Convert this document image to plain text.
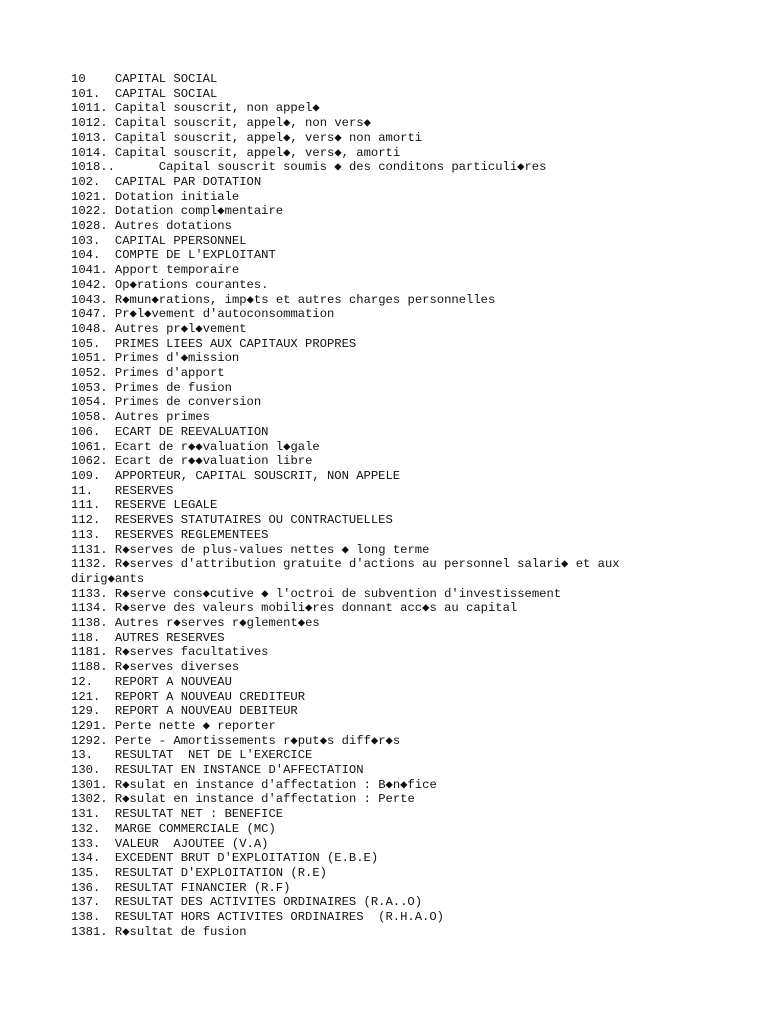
10    CAPITAL SOCIAL
101.  CAPITAL SOCIAL
1011. Capital souscrit, non appel◆
1012. Capital souscrit, appel◆, non vers◆
1013. Capital souscrit, appel◆, vers◆ non amorti
1014. Capital souscrit, appel◆, vers◆, amorti
1018..      Capital souscrit soumis ◆ des conditons particuli◆res
102.  CAPITAL PAR DOTATION
1021. Dotation initiale
1022. Dotation compl◆mentaire
1028. Autres dotations
103.  CAPITAL PPERSONNEL
104.  COMPTE DE L'EXPLOITANT
1041. Apport temporaire
1042. Op◆rations courantes.
1043. R◆mun◆rations, imp◆ts et autres charges personnelles
1047. Pr◆l◆vement d'autoconsommation
1048. Autres pr◆l◆vement
105.  PRIMES LIEES AUX CAPITAUX PROPRES
1051. Primes d'◆mission
1052. Primes d'apport
1053. Primes de fusion
1054. Primes de conversion
1058. Autres primes
106.  ECART DE REEVALUATION
1061. Ecart de r◆◆valuation l◆gale
1062. Ecart de r◆◆valuation libre
109.  APPORTEUR, CAPITAL SOUSCRIT, NON APPELE
11.   RESERVES
111.  RESERVE LEGALE
112.  RESERVES STATUTAIRES OU CONTRACTUELLES
113.  RESERVES REGLEMENTEES
1131. R◆serves de plus-values nettes ◆ long terme
1132. R◆serves d'attribution gratuite d'actions au personnel salari◆ et aux
dirig◆ants
1133. R◆serve cons◆cutive ◆ l'octroi de subvention d'investissement
1134. R◆serve des valeurs mobili◆res donnant acc◆s au capital
1138. Autres r◆serves r◆glement◆es
118.  AUTRES RESERVES
1181. R◆serves facultatives
1188. R◆serves diverses
12.   REPORT A NOUVEAU
121.  REPORT A NOUVEAU CREDITEUR
129.  REPORT A NOUVEAU DEBITEUR
1291. Perte nette ◆ reporter
1292. Perte - Amortissements r◆put◆s diff◆r◆s
13.   RESULTAT  NET DE L'EXERCICE
130.  RESULTAT EN INSTANCE D'AFFECTATION
1301. R◆sulat en instance d'affectation : B◆n◆fice
1302. R◆sulat en instance d'affectation : Perte
131.  RESULTAT NET : BENEFICE
132.  MARGE COMMERCIALE (MC)
133.  VALEUR  AJOUTEE (V.A)
134.  EXCEDENT BRUT D'EXPLOITATION (E.B.E)
135.  RESULTAT D'EXPLOITATION (R.E)
136.  RESULTAT FINANCIER (R.F)
137.  RESULTAT DES ACTIVITES ORDINAIRES (R.A..O)
138.  RESULTAT HORS ACTIVITES ORDINAIRES  (R.H.A.O)
1381. R◆sultat de fusion
